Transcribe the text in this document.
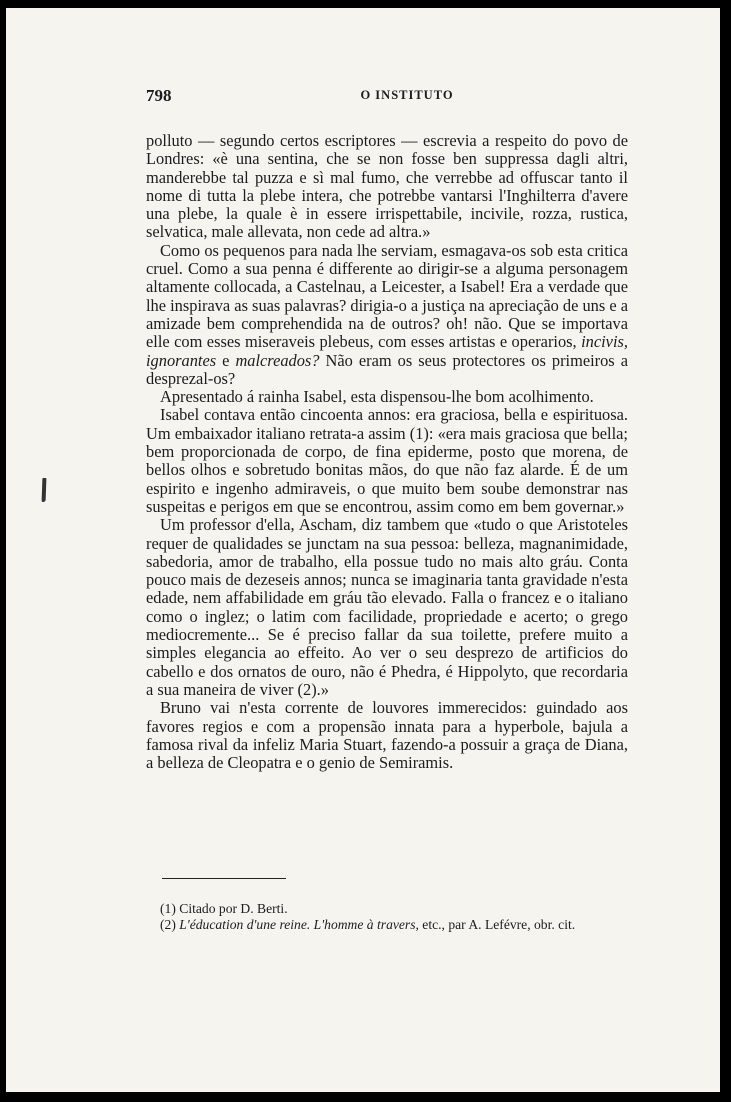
798	O INSTITUTO

polluto — segundo certos escriptores — escrevia a respeito do povo de Londres: «è una sentina, che se non fosse ben suppressa dagli altri, manderebbe tal puzza e sì mal fumo, che verrebbe ad offuscar tanto il nome di tutta la plebe intera, che potrebbe vantarsi l'Inghilterra d'avere una plebe, la quale è in essere irrispettabile, incivile, rozza, rustica, selvatica, male allevata, non cede ad altra.»

Como os pequenos para nada lhe serviam, esmagava-os sob esta critica cruel. Como a sua penna é differente ao dirigir-se a alguma personagem altamente collocada, a Castelnau, a Leicester, a Isabel! Era a verdade que lhe inspirava as suas palavras? dirigia-o a justiça na apreciação de uns e a amizade bem comprehendida na de outros? oh! não. Que se importava elle com esses miseraveis plebeus, com esses artistas e operarios, incivis, ignorantes e malcreados? Não eram os seus protectores os primeiros a desprezal-os?

Apresentado á rainha Isabel, esta dispensou-lhe bom acolhimento.

Isabel contava então cincoenta annos: era graciosa, bella e espirituosa. Um embaixador italiano retrata-a assim (1): «era mais graciosa que bella; bem proporcionada de corpo, de fina epiderme, posto que morena, de bellos olhos e sobretudo bonitas mãos, do que não faz alarde. É de um espirito e ingenho admiraveis, o que muito bem soube demonstrar nas suspeitas e perigos em que se encontrou, assim como em bem governar.»

Um professor d'ella, Ascham, diz tambem que «tudo o que Aristoteles requer de qualidades se junctam na sua pessoa: belleza, magnanimidade, sabedoria, amor de trabalho, ella possue tudo no mais alto gráu. Conta pouco mais de dezeseis annos; nunca se imaginaria tanta gravidade n'esta edade, nem affabilidade em gráu tão elevado. Falla o francez e o italiano como o inglez; o latim com facilidade, propriedade e acerto; o grego mediocremente... Se é preciso fallar da sua toilette, prefere muito a simples elegancia ao effeito. Ao ver o seu desprezo de artificios do cabello e dos ornatos de ouro, não é Phedra, é Hippolyto, que recordaria a sua maneira de viver (2).»

Bruno vai n'esta corrente de louvores immerecidos: guindado aos favores regios e com a propensão innata para a hyperbole, bajula a famosa rival da infeliz Maria Stuart, fazendo-a possuir a graça de Diana, a belleza de Cleopatra e o genio de Semiramis.

(1) Citado por D. Berti.

(2) L'éducation d'une reine. L'homme à travers, etc., par A. Lefévre, obr. cit.
